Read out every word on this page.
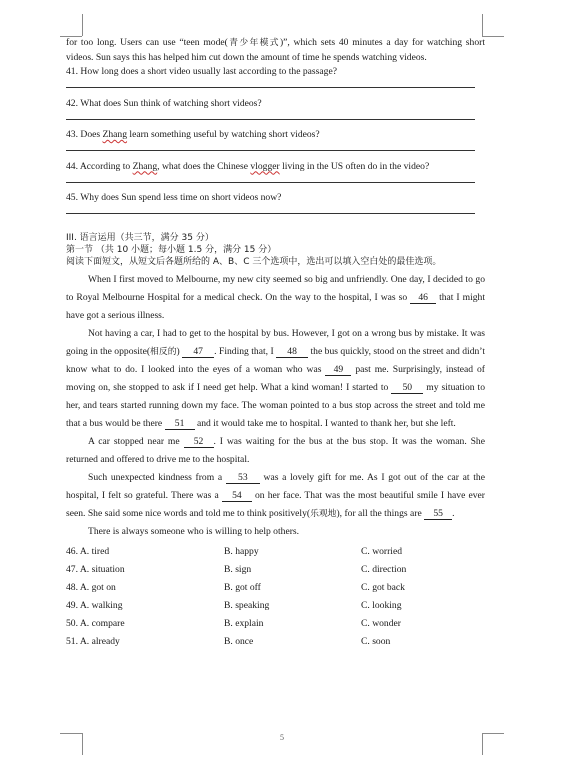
for too long. Users can use “teen mode(青少年模式)”, which sets 40 minutes a day for watching short videos. Sun says this has helped him cut down the amount of time he spends watching videos.

41. How long does a short video usually last according to the passage?
42. What does Sun think of watching short videos?
43. Does Zhang learn something useful by watching short videos?
44. According to Zhang, what does the Chinese vlogger living in the US often do in the video?
45. Why does Sun spend less time on short videos now?

III. 语言运用（共三节，满分 35 分）

第一节 （共 10 小题；每小题 1.5 分，满分 15 分）

阅读下面短文，从短文后各题所给的 A、B、C 三个选项中，选出可以填入空白处的最佳选项。

When I first moved to Melbourne, my new city seemed so big and unfriendly. One day, I decided to go to Royal Melbourne Hospital for a medical check. On the way to the hospital, I was so 46 that I might have got a serious illness.

Not having a car, I had to get to the hospital by bus. However, I got on a wrong bus by mistake. It was going in the opposite(相反的) 47 . Finding that, I 48 the bus quickly, stood on the street and didn’t know what to do. I looked into the eyes of a woman who was 49 past me. Surprisingly, instead of moving on, she stopped to ask if I need get help. What a kind woman! I started to 50 my situation to her, and tears started running down my face. The woman pointed to a bus stop across the street and told me that a bus would be there 51 and it would take me to hospital. I wanted to thank her, but she left.

A car stopped near me 52 . I was waiting for the bus at the bus stop. It was the woman. She returned and offered to drive me to the hospital.

Such unexpected kindness from a 53 was a lovely gift for me. As I got out of the car at the hospital, I felt so grateful. There was a 54 on her face. That was the most beautiful smile I have ever seen. She said some nice words and told me to think positively(乐观地), for all the things are 55 .

There is always someone who is willing to help others.

46. A. tired	B. happy	C. worried
47. A. situation	B. sign	C. direction
48. A. got on	B. got off	C. got back
49. A. walking	B. speaking	C. looking
50. A. compare	B. explain	C. wonder
51. A. already	B. once	C. soon
5
